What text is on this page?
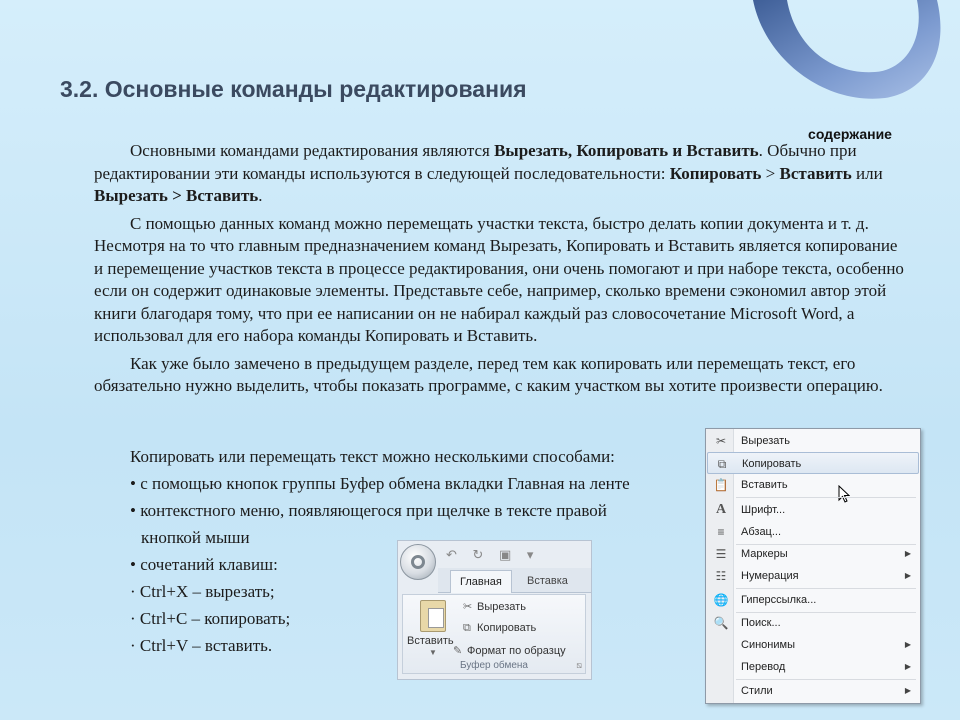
3.2. Основные команды редактирования
содержание

Основными командами редактирования являются Вырезать, Копировать и Вставить. Обычно при редактировании эти команды используются в следующей последовательности: Копировать > Вставить или Вырезать > Вставить.

С помощью данных команд можно перемещать участки текста, быстро делать копии документа и т. д. Несмотря на то что главным предназначением команд Вырезать, Копировать и Вставить является копирование и перемещение участков текста в процессе редактирования, они очень помогают и при наборе текста, особенно если он содержит одинаковые элементы. Представьте себе, например, сколько времени сэкономил автор этой книги благодаря тому, что при ее написании он не набирал каждый раз словосочетание Microsoft Word, а использовал для его набора команды Копировать и Вставить.

Как уже было замечено в предыдущем разделе, перед тем как копировать или перемещать текст, его обязательно нужно выделить, чтобы показать программе, с каким участком вы хотите произвести операцию.

Копировать или перемещать текст можно несколькими способами:
• с помощью кнопок группы Буфер обмена вкладки Главная на ленте
• контекстного меню, появляющегося при щелчке в тексте правой
кнопкой мыши
• сочетаний клавиш:
· Ctrl+X – вырезать;
· Ctrl+C – копировать;
· Ctrl+V – вставить.
↶ ↻ ▣ ▾
Главная	Вставка
Вставить
▼
✂ Вырезать
⧉ Копировать
✎ Формат по образцу
Буфер обмена	⧅
✂	Вырезать
⧉	Копировать
📋 Вставить
A	Шрифт...
≡	Абзац...
☰	Маркеры	▶
☷	Нумерация	▶
🌐 Гиперссылка...
🔍 Поиск...
Синонимы	▶
Перевод	▶
Стили	▶
